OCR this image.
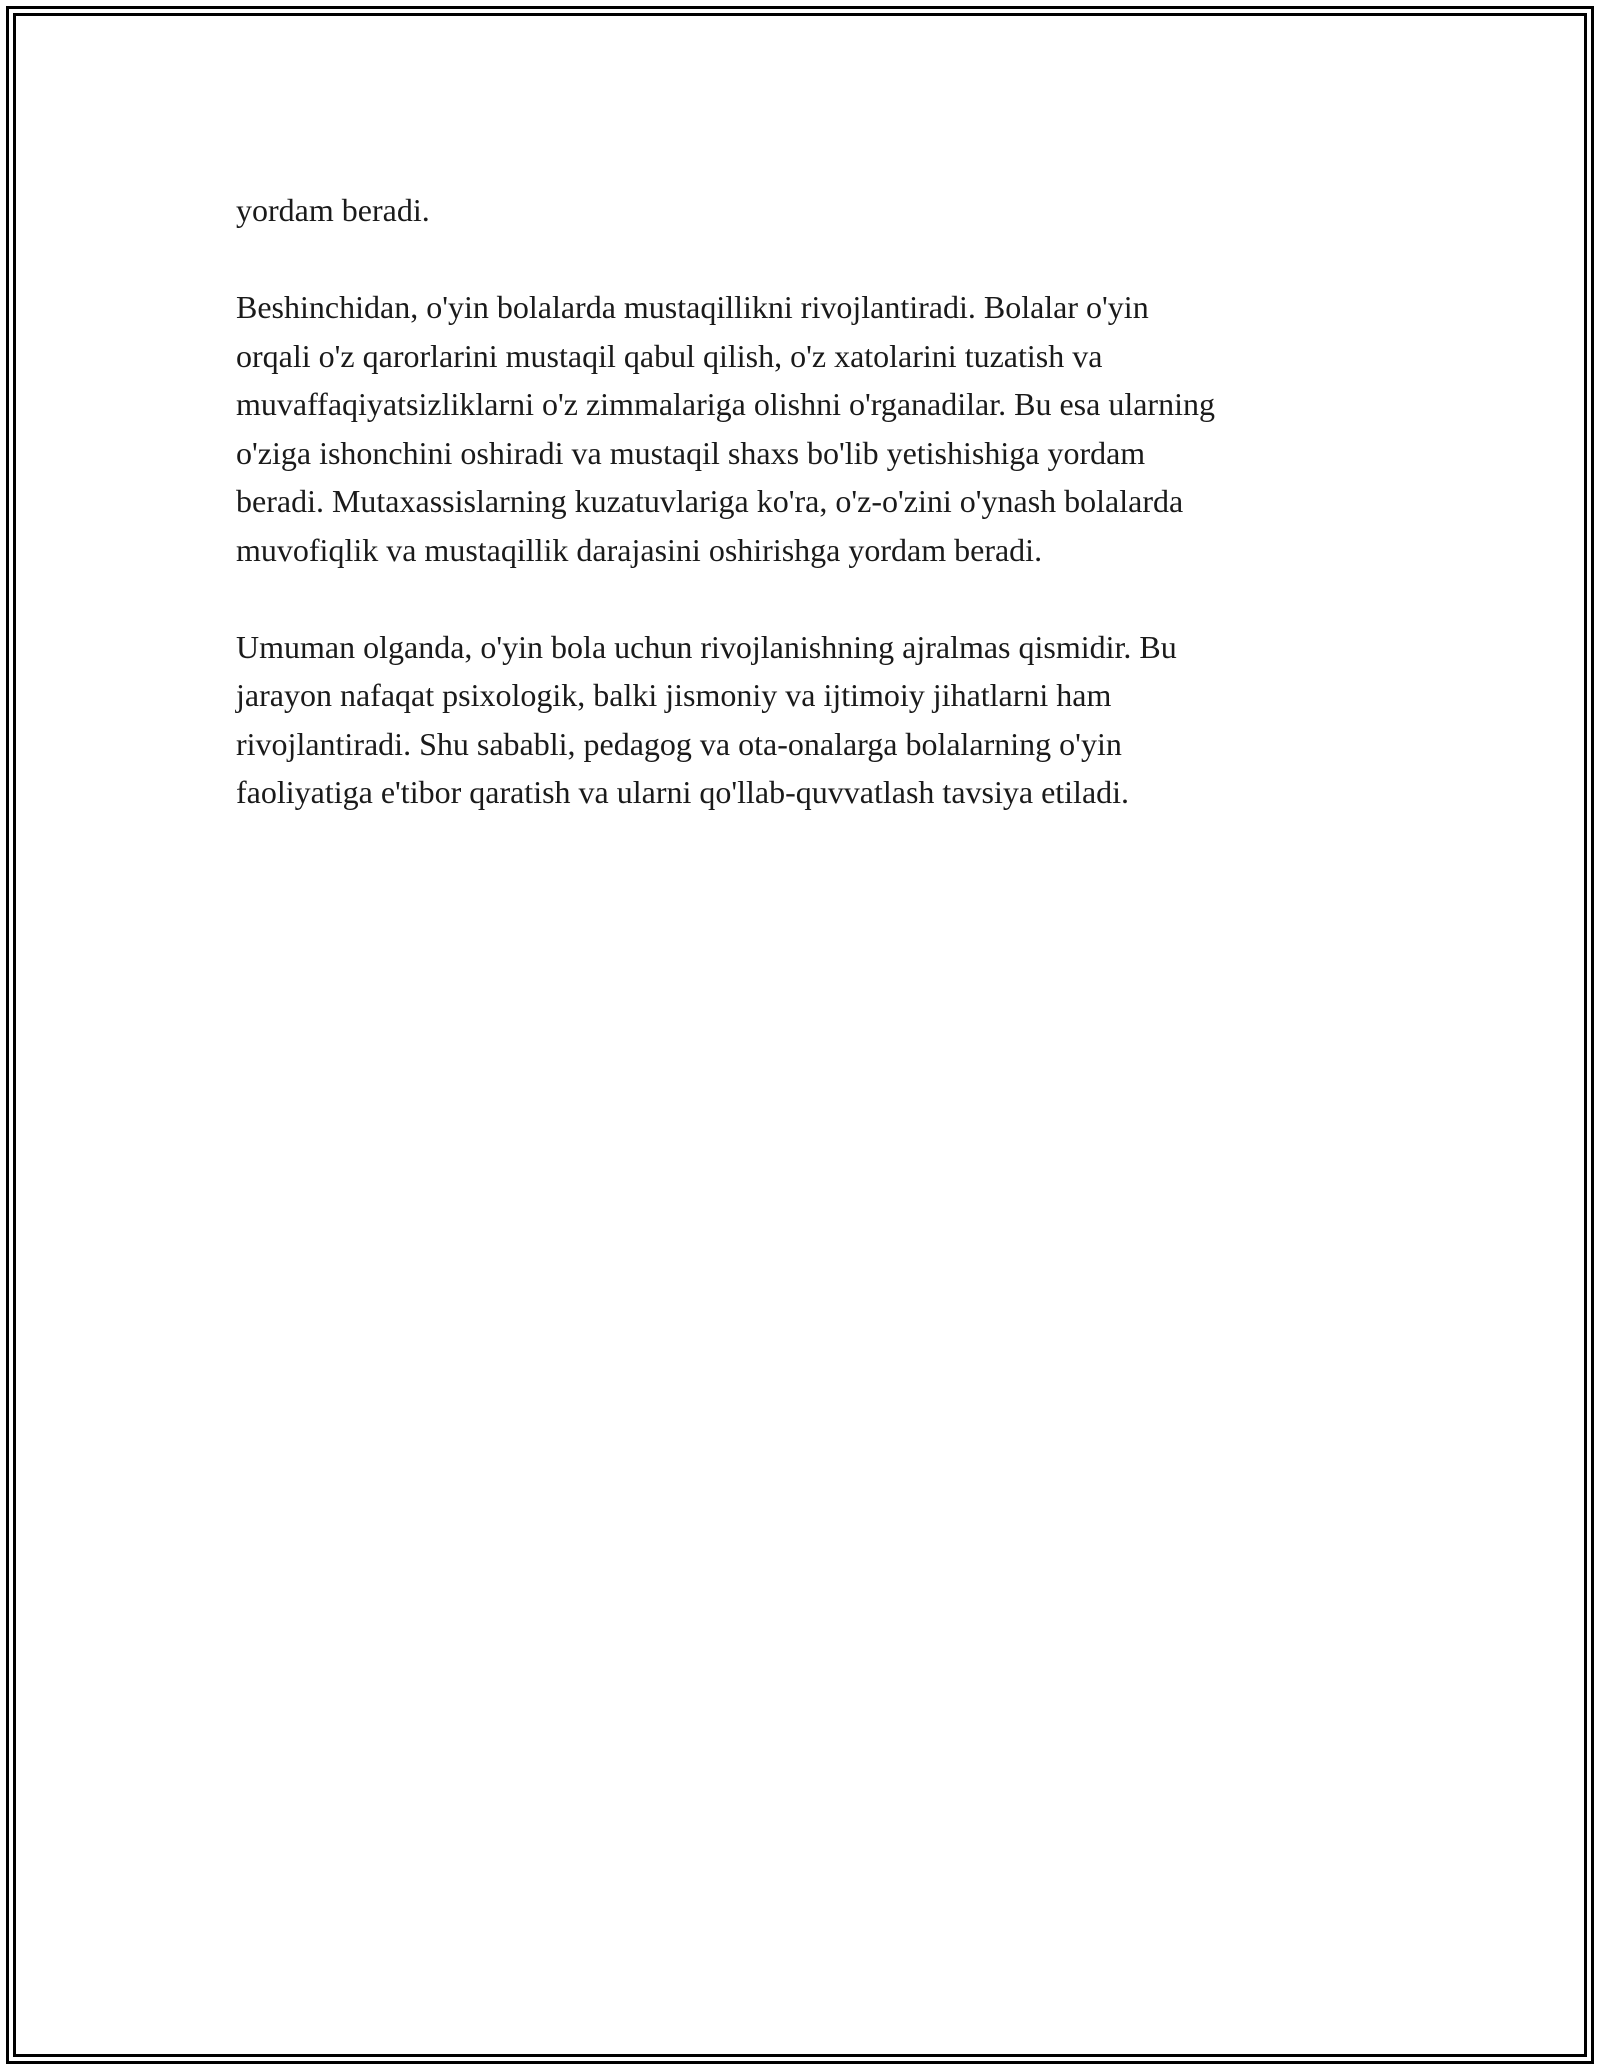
yordam beradi.

Beshinchidan, o'yin bolalarda mustaqillikni rivojlantiradi. Bolalar o'yin
orqali o'z qarorlarini mustaqil qabul qilish, o'z xatolarini tuzatish va
muvaffaqiyatsizliklarni o'z zimmalariga olishni o'rganadilar. Bu esa ularning
o'ziga ishonchini oshiradi va mustaqil shaxs bo'lib yetishishiga yordam
beradi. Mutaxassislarning kuzatuvlariga ko'ra, o'z-o'zini o'ynash bolalarda
muvofiqlik va mustaqillik darajasini oshirishga yordam beradi.

Umuman olganda, o'yin bola uchun rivojlanishning ajralmas qismidir. Bu
jarayon nafaqat psixologik, balki jismoniy va ijtimoiy jihatlarni ham
rivojlantiradi. Shu sababli, pedagog va ota-onalarga bolalarning o'yin
faoliyatiga e'tibor qaratish va ularni qo'llab-quvvatlash tavsiya etiladi.
